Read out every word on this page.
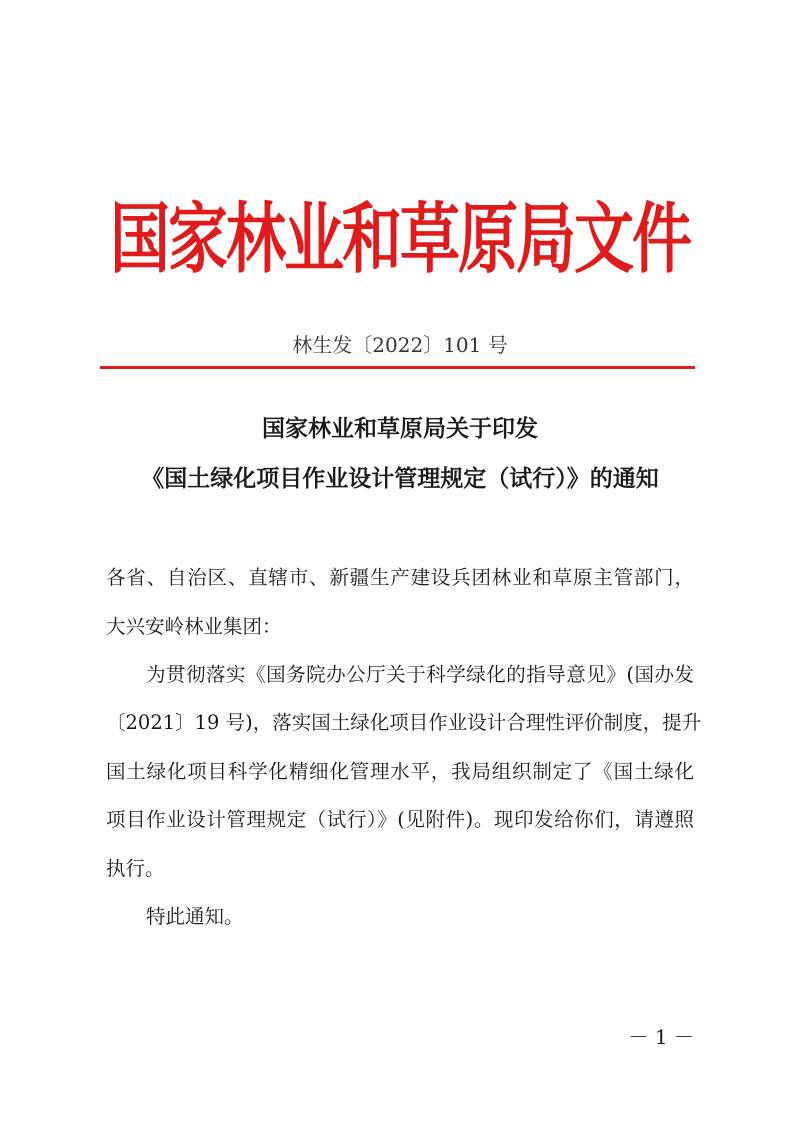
国家林业和草原局文件
林生发〔2022〕101 号
国家林业和草原局关于印发
《国土绿化项目作业设计管理规定（试行）》的通知
各省、自治区、直辖市、新疆生产建设兵团林业和草原主管部门，
大兴安岭林业集团：
为贯彻落实《国务院办公厅关于科学绿化的指导意见》(国办发
〔2021〕19 号)，落实国土绿化项目作业设计合理性评价制度，提升
国土绿化项目科学化精细化管理水平，我局组织制定了《国土绿化
项目作业设计管理规定（试行）》(见附件)。现印发给你们，请遵照
执行。
特此通知。
－ 1 －
